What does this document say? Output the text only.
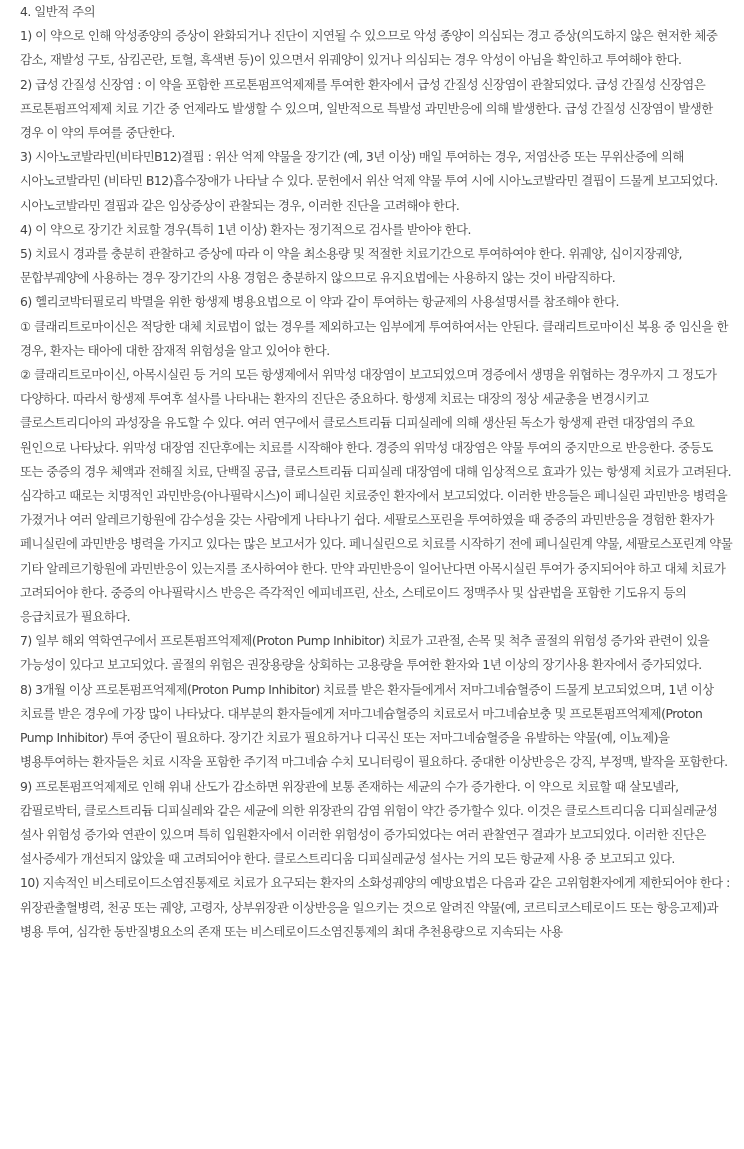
4. 일반적 주의

1) 이 약으로 인해 악성종양의 증상이 완화되거나 진단이 지연될 수 있으므로 악성 종양이 의심되는 경고 증상(의도하지 않은 현저한 체중 감소, 재발성 구토, 삼킴곤란, 토혈, 흑색변 등)이 있으면서 위궤양이 있거나 의심되는 경우 악성이 아님을 확인하고 투여해야 한다.

2) 급성 간질성 신장염 : 이 약을 포함한 프로톤펌프억제제를 투여한 환자에서 급성 간질성 신장염이 관찰되었다. 급성 간질성 신장염은 프로톤펌프억제제 치료 기간 중 언제라도 발생할 수 있으며, 일반적으로 특발성 과민반응에 의해 발생한다. 급성 간질성 신장염이 발생한 경우 이 약의 투여를 중단한다.

3) 시아노코발라민(비타민B12)결핍 : 위산 억제 약물을 장기간 (예, 3년 이상) 매일 투여하는 경우, 저염산증 또는 무위산증에 의해 시아노코발라민 (비타민 B12)흡수장애가 나타날 수 있다. 문헌에서 위산 억제 약물 투여 시에 시아노코발라민 결핍이 드물게 보고되었다. 시아노코발라민 결핍과 같은 임상증상이 관찰되는 경우, 이러한 진단을 고려해야 한다.

4) 이 약으로 장기간 치료할 경우(특히 1년 이상) 환자는 정기적으로 검사를 받아야 한다.

5) 치료시 경과를 충분히 관찰하고 증상에 따라 이 약을 최소용량 및 적절한 치료기간으로 투여하여야 한다. 위궤양, 십이지장궤양, 문합부궤양에 사용하는 경우 장기간의 사용 경험은 충분하지 않으므로 유지요법에는 사용하지 않는 것이 바람직하다.

6) 헬리코박터필로리 박멸을 위한 항생제 병용요법으로 이 약과 같이 투여하는 항균제의 사용설명서를 참조해야 한다.

① 클래리트로마이신은 적당한 대체 치료법이 없는 경우를 제외하고는 임부에게 투여하여서는 안된다. 클래리트로마이신 복용 중 임신을 한 경우, 환자는 태아에 대한 잠재적 위험성을 알고 있어야 한다.

② 클래리트로마이신, 아목시실린 등 거의 모든 항생제에서 위막성 대장염이 보고되었으며 경증에서 생명을 위협하는 경우까지 그 정도가 다양하다. 따라서 항생제 투여후 설사를 나타내는 환자의 진단은 중요하다. 항생제 치료는 대장의 정상 세균총을 변경시키고 클로스트리디아의 과성장을 유도할 수 있다. 여러 연구에서 클로스트리듐 디피실레에 의해 생산된 독소가 항생제 관련 대장염의 주요 원인으로 나타났다. 위막성 대장염 진단후에는 치료를 시작해야 한다. 경증의 위막성 대장염은 약물 투여의 중지만으로 반응한다. 중등도 또는 중증의 경우 체액과 전해질 치료, 단백질 공급, 클로스트리듐 디피실레 대장염에 대해 임상적으로 효과가 있는 항생제 치료가 고려된다. 심각하고 때로는 치명적인 과민반응(아나필락시스)이 페니실린 치료중인 환자에서 보고되었다. 이러한 반응들은 페니실린 과민반응 병력을 가졌거나 여러 알레르기항원에 감수성을 갖는 사람에게 나타나기 쉽다. 세팔로스포린을 투여하였을 때 중증의 과민반응을 경험한 환자가 페니실린에 과민반응 병력을 가지고 있다는 많은 보고서가 있다. 페니실린으로 치료를 시작하기 전에 페니실린계 약물, 세팔로스포린계 약물 기타 알레르기항원에 과민반응이 있는지를 조사하여야 한다. 만약 과민반응이 일어난다면 아목시실린 투여가 중지되어야 하고 대체 치료가 고려되어야 한다. 중증의 아나필락시스 반응은 즉각적인 에피네프린, 산소, 스테로이드 정맥주사 및 삽관법을 포함한 기도유지 등의 응급치료가 필요하다.

7) 일부 해외 역학연구에서 프로톤펌프억제제(Proton Pump Inhibitor) 치료가 고관절, 손목 및 척추 골절의 위험성 증가와 관련이 있을 가능성이 있다고 보고되었다. 골절의 위험은 권장용량을 상회하는 고용량을 투여한 환자와 1년 이상의 장기사용 환자에서 증가되었다.

8) 3개월 이상 프로톤펌프억제제(Proton Pump Inhibitor) 치료를 받은 환자들에게서 저마그네슘혈증이 드물게 보고되었으며, 1년 이상 치료를 받은 경우에 가장 많이 나타났다. 대부분의 환자들에게 저마그네슘혈증의 치료로서 마그네슘보충 및 프로톤펌프억제제(Proton Pump Inhibitor) 투여 중단이 필요하다. 장기간 치료가 필요하거나 디곡신 또는 저마그네슘혈증을 유발하는 약물(예, 이뇨제)을 병용투여하는 환자들은 치료 시작을 포함한 주기적 마그네슘 수치 모니터링이 필요하다. 중대한 이상반응은 강직, 부정맥, 발작을 포함한다.

9) 프로톤펌프억제제로 인해 위내 산도가 감소하면 위장관에 보통 존재하는 세균의 수가 증가한다. 이 약으로 치료할 때 살모넬라, 캄필로박터, 클로스트리듐 디피실레와 같은 세균에 의한 위장관의 감염 위험이 약간 증가할수 있다. 이것은 클로스트리디움 디피실레균성 설사 위험성 증가와 연관이 있으며 특히 입원환자에서 이러한 위험성이 증가되었다는 여러 관찰연구 결과가 보고되었다. 이러한 진단은 설사증세가 개선되지 않았을 때 고려되어야 한다. 클로스트리디움 디피실레균성 설사는 거의 모든 항균제 사용 중 보고되고 있다.

10) 지속적인 비스테로이드소염진통제로 치료가 요구되는 환자의 소화성궤양의 예방요법은 다음과 같은 고위험환자에게 제한되어야 한다 : 위장관출혈병력, 천공 또는 궤양, 고령자, 상부위장관 이상반응을 일으키는 것으로 알려진 약물(예, 코르티코스테로이드 또는 항응고제)과 병용 투여, 심각한 동반질병요소의 존재 또는 비스테로이드소염진통제의 최대 추천용량으로 지속되는 사용
